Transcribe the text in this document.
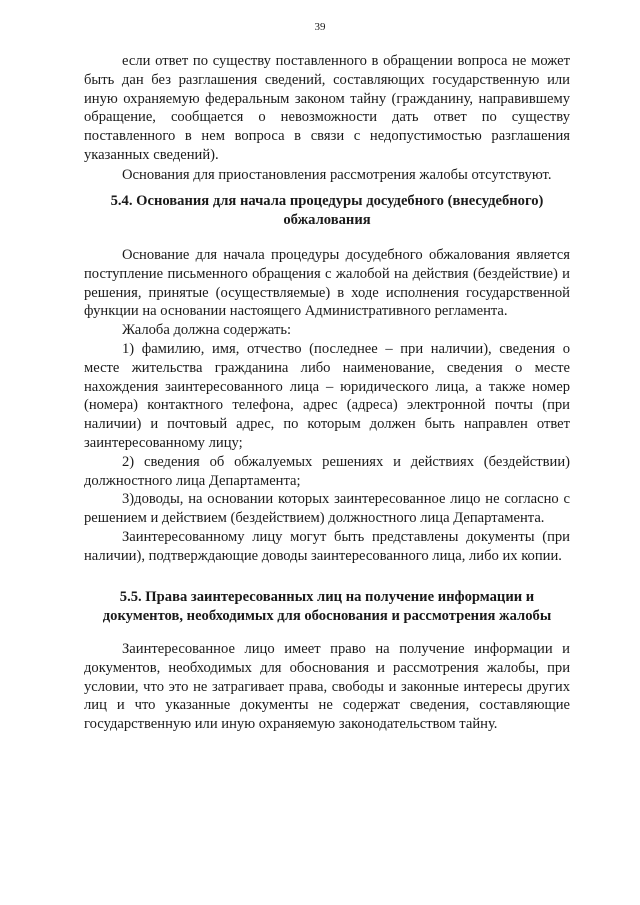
39

если ответ по существу поставленного в обращении вопроса не может быть дан без разглашения сведений, составляющих государственную или иную охраняемую федеральным законом тайну (гражданину, направившему обращение, сообщается о невозможности дать ответ по существу поставленного в нем вопроса в связи с недопустимостью разглашения указанных сведений).

Основания для приостановления рассмотрения жалобы отсутствуют.

5.4. Основания для начала процедуры досудебного (внесудебного)

обжалования

Основание для начала процедуры досудебного обжалования является поступление письменного обращения с жалобой на действия (бездействие) и решения, принятые (осуществляемые) в ходе исполнения государственной функции на основании настоящего Административного регламента.

Жалоба должна содержать:

1) фамилию, имя, отчество (последнее – при наличии), сведения о месте жительства гражданина либо наименование, сведения о месте нахождения заинтересованного лица – юридического лица, а также номер (номера) контактного телефона, адрес (адреса) электронной почты (при наличии) и почтовый адрес, по которым должен быть направлен ответ заинтересованному лицу;

2) сведения об обжалуемых решениях и действиях (бездействии) должностного лица Департамента;

3)доводы, на основании которых заинтересованное лицо не согласно с решением и действием (бездействием) должностного лица Департамента.

Заинтересованному лицу могут быть представлены документы (при наличии), подтверждающие доводы заинтересованного лица, либо их копии.

5.5. Права заинтересованных лиц на получение информации и

документов, необходимых для обоснования и рассмотрения жалобы

Заинтересованное лицо имеет право на получение информации и документов, необходимых для обоснования и рассмотрения жалобы, при условии, что это не затрагивает права, свободы и законные интересы других лиц и что указанные документы не содержат сведения, составляющие государственную или иную охраняемую законодательством тайну.
